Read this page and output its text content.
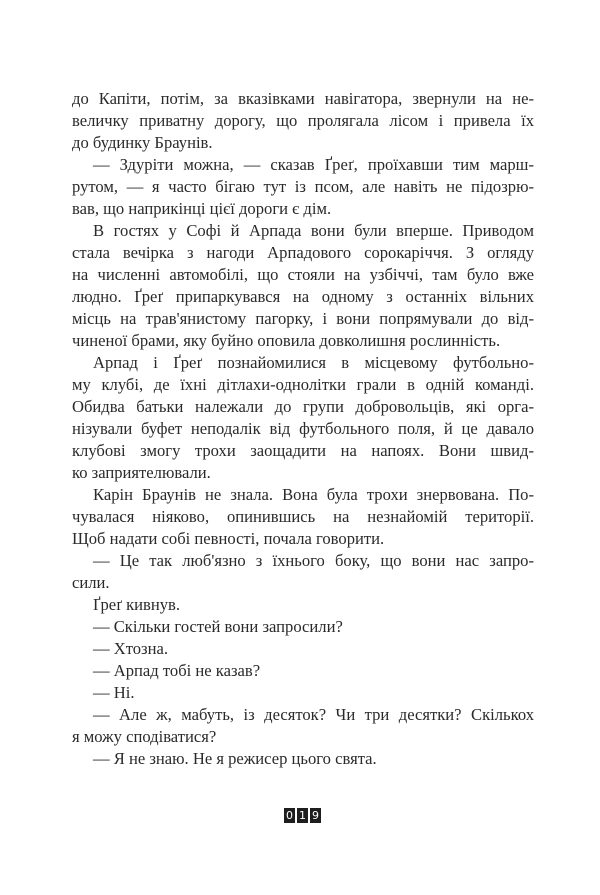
до Капіти, потім, за вказівками навігатора, звернули на не-
величку приватну дорогу, що пролягала лісом і привела їх
до будинку Браунів.
— Здуріти можна, — сказав Ґреґ, проїхавши тим марш-
рутом, — я часто бігаю тут із псом, але навіть не підозрю-
вав, що наприкінці цієї дороги є дім.
В гостях у Софі й Арпада вони були вперше. Приводом
стала вечірка з нагоди Арпадового сорокаріччя. З огляду
на численні автомобілі, що стояли на узбіччі, там було вже
людно. Ґреґ припаркувався на одному з останніх вільних
місць на трав'янистому пагорку, і вони попрямували до від-
чиненої брами, яку буйно оповила довколишня рослинність.
Арпад і Ґреґ познайомилися в місцевому футбольно-
му клубі, де їхні дітлахи-однолітки грали в одній команді.
Обидва батьки належали до групи добровольців, які орга-
нізували буфет неподалік від футбольного поля, й це давало
клубові змогу трохи заощадити на напоях. Вони швид-
ко заприятелювали.
Карін Браунів не знала. Вона була трохи знервована. По-
чувалася ніяково, опинившись на незнайомій території.
Щоб надати собі певності, почала говорити.
— Це так люб'язно з їхнього боку, що вони нас запро-
сили.
Ґреґ кивнув.
— Скільки гостей вони запросили?
— Хтозна.
— Арпад тобі не казав?
— Ні.
— Але ж, мабуть, із десяток? Чи три десятки? Скількох
я можу сподіватися?
— Я не знаю. Не я режисер цього свята.
0 1 9
